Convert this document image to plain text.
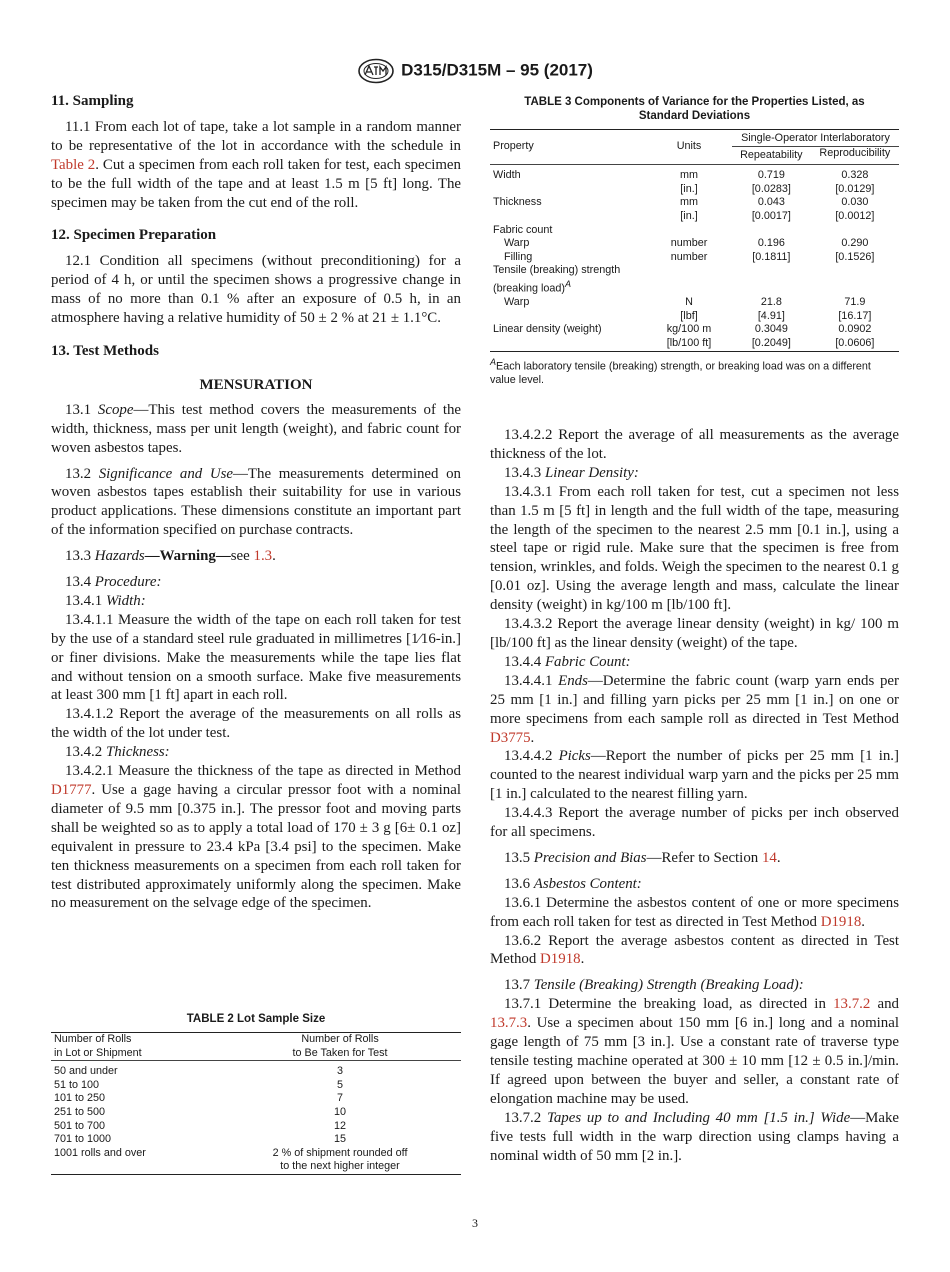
D315/D315M – 95 (2017)
11. Sampling

11.1 From each lot of tape, take a lot sample in a random manner to be representative of the lot in accordance with the schedule in Table 2. Cut a specimen from each roll taken for test, each specimen to be the full width of the tape and at least 1.5 m [5 ft] long. The specimen may be taken from the cut end of the roll.

12. Specimen Preparation

12.1 Condition all specimens (without preconditioning) for a period of 4 h, or until the specimen shows a progressive change in mass of no more than 0.1 % after an exposure of 0.5 h, in an atmosphere having a relative humidity of 50 ± 2 % at 21 ± 1.1°C.

13. Test Methods
MENSURATION

13.1 Scope—This test method covers the measurements of the width, thickness, mass per unit length (weight), and fabric count for woven asbestos tapes.

13.2 Significance and Use—The measurements determined on woven asbestos tapes establish their suitability for use in various product applications. These dimensions constitute an important part of the information specified on purchase contracts.

13.3 Hazards—Warning—see 1.3.

13.4 Procedure:

13.4.1 Width:

13.4.1.1 Measure the width of the tape on each roll taken for test by the use of a standard steel rule graduated in millimetres [1⁄16-in.] or finer divisions. Make the measurements while the tape lies flat and without tension on a smooth surface. Make five measurements at least 300 mm [1 ft] apart in each roll.

13.4.1.2 Report the average of the measurements on all rolls as the width of the lot under test.

13.4.2 Thickness:

13.4.2.1 Measure the thickness of the tape as directed in Method D1777. Use a gage having a circular pressor foot with a nominal diameter of 9.5 mm [0.375 in.]. The pressor foot and moving parts shall be weighted so as to apply a total load of 170 ± 3 g [6± 0.1 oz] equivalent in pressure to 23.4 kPa [3.4 psi] to the specimen. Make ten thickness measurements on a specimen from each roll taken for test distributed approximately uniformly along the specimen. Make no measurement on the selvage edge of the specimen.

TABLE 2 Lot Sample Size
Number of Rolls	Number of Rolls
in Lot or Shipment	to Be Taken for Test

50 and under	3
51 to 100	5
101 to 250	7
251 to 500	10
501 to 700	12
701 to 1000	15
1001 rolls and over	2 % of shipment rounded off
	to the next higher integer
TABLE 3 Components of Variance for the Properties Listed, as
Standard Deviations
Property	Units	Single-Operator Interlaboratory	
		Repeatability	Reproducibility

Width	mm	0.719	0.328
	[in.]	[0.0283]	[0.0129]
Thickness	mm	0.043	0.030
	[in.]	[0.0017]	[0.0012]
Fabric count			
Warp	number	0.196	0.290
Filling	number	[0.1811]	[0.1526]
Tensile (breaking) strength			
(breaking load)$^A$			
Warp	N	21.8	71.9
	[lbf]	[4.91]	[16.17]
Linear density (weight)	kg/100 m	0.3049	0.0902
	[lb/100 ft]	[0.2049]	[0.0606]
$^A$Each laboratory tensile (breaking) strength, or breaking load was on a different value level.

13.4.2.2 Report the average of all measurements as the average thickness of the lot.

13.4.3 Linear Density:

13.4.3.1 From each roll taken for test, cut a specimen not less than 1.5 m [5 ft] in length and the full width of the tape, measuring the length of the specimen to the nearest 2.5 mm [0.1 in.], using a steel tape or rigid rule. Make sure that the specimen is free from tension, wrinkles, and folds. Weigh the specimen to the nearest 0.1 g [0.01 oz]. Using the average length and mass, calculate the linear density (weight) in kg/100 m [lb/100 ft].

13.4.3.2 Report the average linear density (weight) in kg/ 100 m [lb/100 ft] as the linear density (weight) of the tape.

13.4.4 Fabric Count:

13.4.4.1 Ends—Determine the fabric count (warp yarn ends per 25 mm [1 in.] and filling yarn picks per 25 mm [1 in.] on one or more specimens from each sample roll as directed in Test Method D3775.

13.4.4.2 Picks—Report the number of picks per 25 mm [1 in.] counted to the nearest individual warp yarn and the picks per 25 mm [1 in.] calculated to the nearest filling yarn.

13.4.4.3 Report the average number of picks per inch observed for all specimens.

13.5 Precision and Bias—Refer to Section 14.

13.6 Asbestos Content:

13.6.1 Determine the asbestos content of one or more specimens from each roll taken for test as directed in Test Method D1918.

13.6.2 Report the average asbestos content as directed in Test Method D1918.

13.7 Tensile (Breaking) Strength (Breaking Load):

13.7.1 Determine the breaking load, as directed in 13.7.2 and 13.7.3. Use a specimen about 150 mm [6 in.] long and a nominal gage length of 75 mm [3 in.]. Use a constant rate of traverse type tensile testing machine operated at 300 ± 10 mm [12 ± 0.5 in.]/min. If agreed upon between the buyer and seller, a constant rate of elongation machine may be used.

13.7.2 Tapes up to and Including 40 mm [1.5 in.] Wide—Make five tests full width in the warp direction using clamps having a nominal width of 50 mm [2 in.].

3
